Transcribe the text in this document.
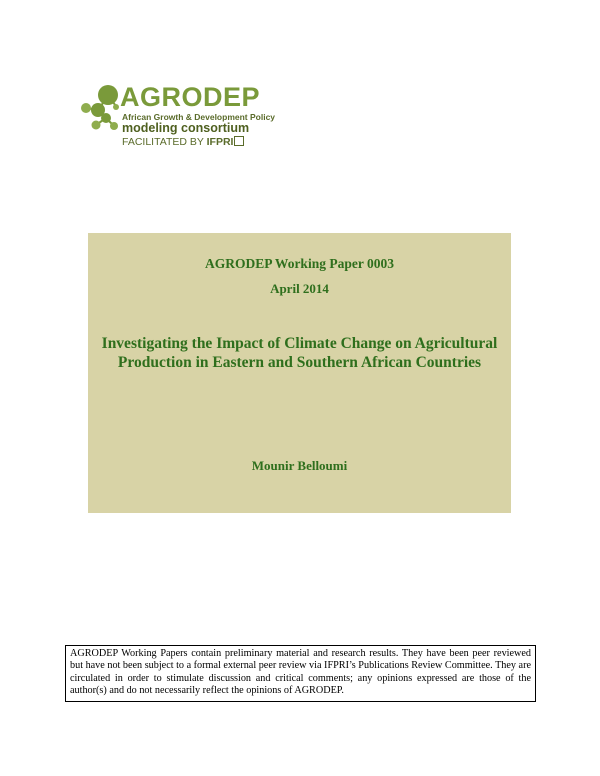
AGRODEP
African Growth & Development Policy
modeling consortium
FACILITATED BY IFPRI
AGRODEP Working Paper 0003
April 2014
Investigating the Impact of Climate Change on Agricultural
Production in Eastern and Southern African Countries
Mounir Belloumi
AGRODEP Working Papers contain preliminary material and research results. They have been peer reviewed but have not been subject to a formal external peer review via IFPRI’s Publications Review Committee. They are circulated in order to stimulate discussion and critical comments; any opinions expressed are those of the author(s) and do not necessarily reflect the opinions of AGRODEP.
